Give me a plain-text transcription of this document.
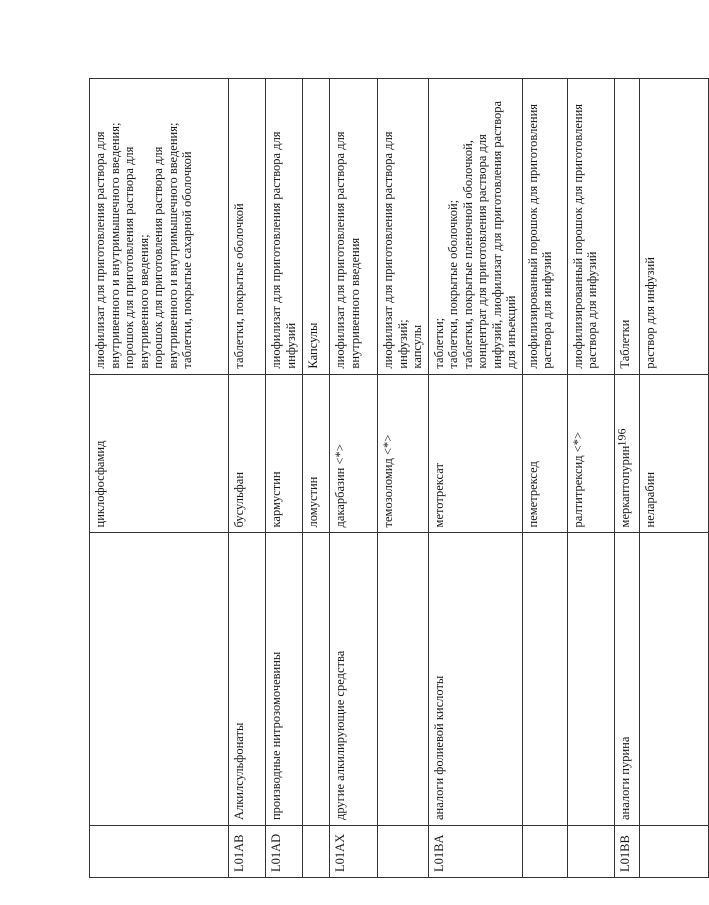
		циклофосфамид	лиофилизат для приготовления раствора для внутривенного и внутримышечного введения; порошок для приготовления раствора для внутривенного введения; порошок для приготовления раствора для внутривенного и внутримышечного введения; таблетки, покрытые сахарной оболочкой

L01AB	Алкилсульфонаты	бусульфан	таблетки, покрытые оболочкой

L01AD	производные нитрозомочевины	кармустин	лиофилизат для приготовления раствора для инфузий

		ломустин	Капсулы

L01AX	другие алкилирующие средства	дакарбазин <*>	лиофилизат для приготовления раствора для внутривенного введения

		темозоломид <*>	лиофилизат для приготовления раствора для инфузий; капсулы

L01BA	аналоги фолиевой кислоты	метотрексат	таблетки; таблетки, покрытые оболочкой; таблетки, покрытые пленочной оболочкой, концентрат для приготовления раствора для инфузий, лиофилизат для приготовления раствора для инъекций

		пеметрексед	лиофилизированный порошок для приготовления раствора для инфузий

		ралтитрексид <*>	лиофилизированный порошок для приготовления раствора для инфузий

L01BB	аналоги пурина	меркаптопурин	Таблетки

		неларабин	раствор для инфузий
196
